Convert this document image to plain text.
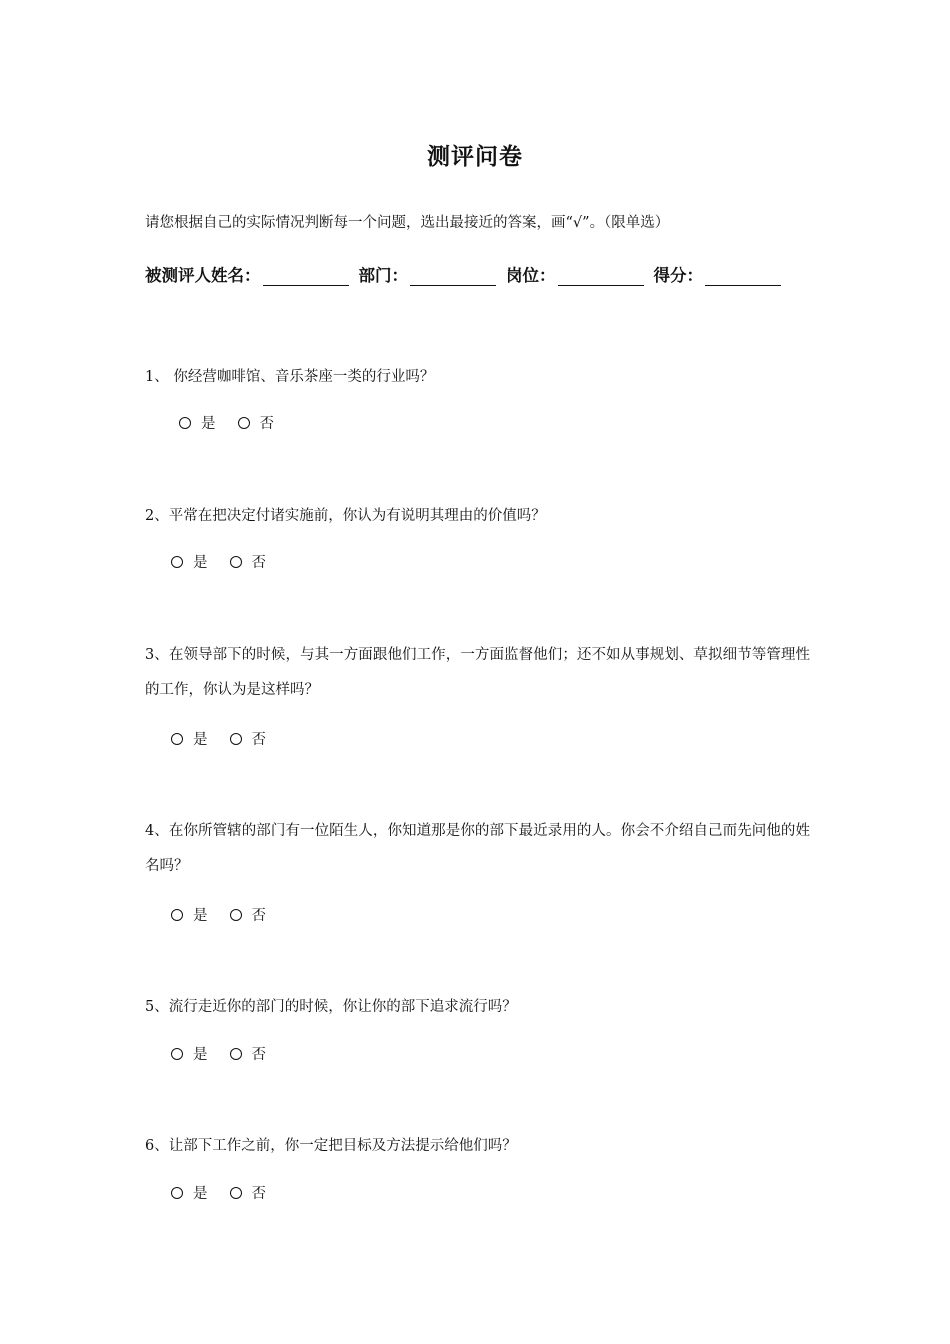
测评问卷
请您根据自己的实际情况判断每一个问题，选出最接近的答案，画“√”。（限单选）
被测评人姓名：	部门：	岗位：	得分：
1、 你经营咖啡馆、音乐茶座一类的行业吗？
是	否
2、平常在把决定付诸实施前，你认为有说明其理由的价值吗？
是	否
3、在领导部下的时候，与其一方面跟他们工作，一方面监督他们；还不如从事规划、草拟细节等管理性的工作，你认为是这样吗？
是	否
4、在你所管辖的部门有一位陌生人，你知道那是你的部下最近录用的人。你会不介绍自己而先问他的姓名吗？
是	否
5、流行走近你的部门的时候，你让你的部下追求流行吗？
是	否
6、让部下工作之前，你一定把目标及方法提示给他们吗？
是	否
